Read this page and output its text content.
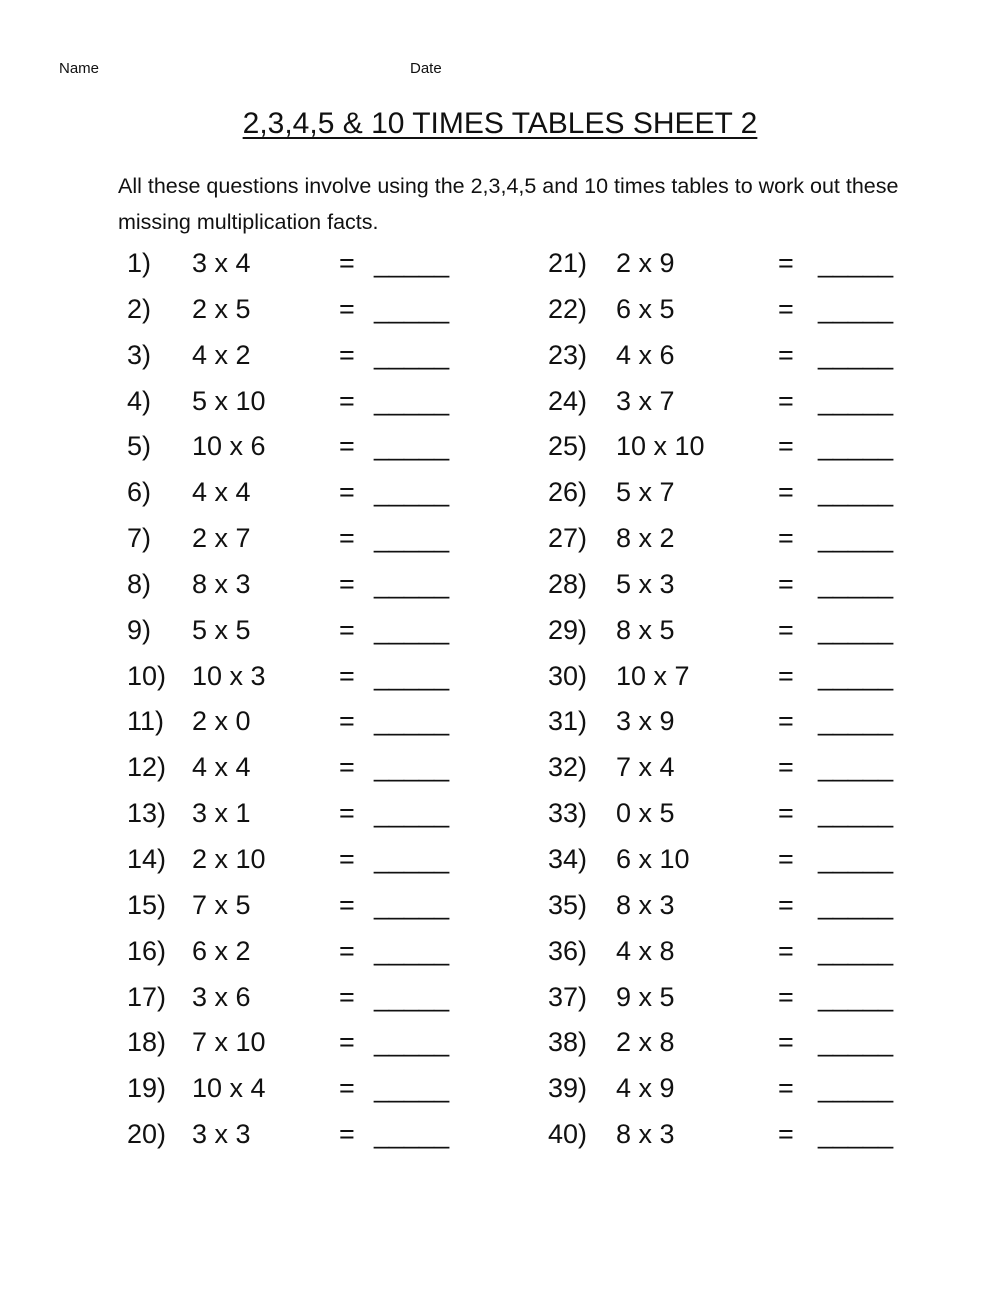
Name	Date
2,3,4,5 & 10 TIMES TABLES SHEET 2
All these questions involve using the 2,3,4,5 and 10 times tables to work out these missing multiplication facts.
1) 3 x 4	= _____
2) 2 x 5	= _____
3) 4 x 2	= _____
4) 5 x 10	= _____
5) 10 x 6	= _____
6) 4 x 4	= _____
7) 2 x 7	= _____
8) 8 x 3	= _____
9) 5 x 5	= _____
10) 10 x 3	= _____
11) 2 x 0	= _____
12) 4 x 4	= _____
13) 3 x 1	= _____
14) 2 x 10	= _____
15) 7 x 5	= _____
16) 6 x 2	= _____
17) 3 x 6	= _____
18) 7 x 10	= _____
19) 10 x 4	= _____
20) 3 x 3	= _____
21) 2 x 9	= _____
22) 6 x 5	= _____
23) 4 x 6	= _____
24) 3 x 7	= _____
25) 10 x 10	= _____
26) 5 x 7	= _____
27) 8 x 2	= _____
28) 5 x 3	= _____
29) 8 x 5	= _____
30) 10 x 7	= _____
31) 3 x 9	= _____
32) 7 x 4	= _____
33) 0 x 5	= _____
34) 6 x 10	= _____
35) 8 x 3	= _____
36) 4 x 8	= _____
37) 9 x 5	= _____
38) 2 x 8	= _____
39) 4 x 9	= _____
40) 8 x 3	= _____
